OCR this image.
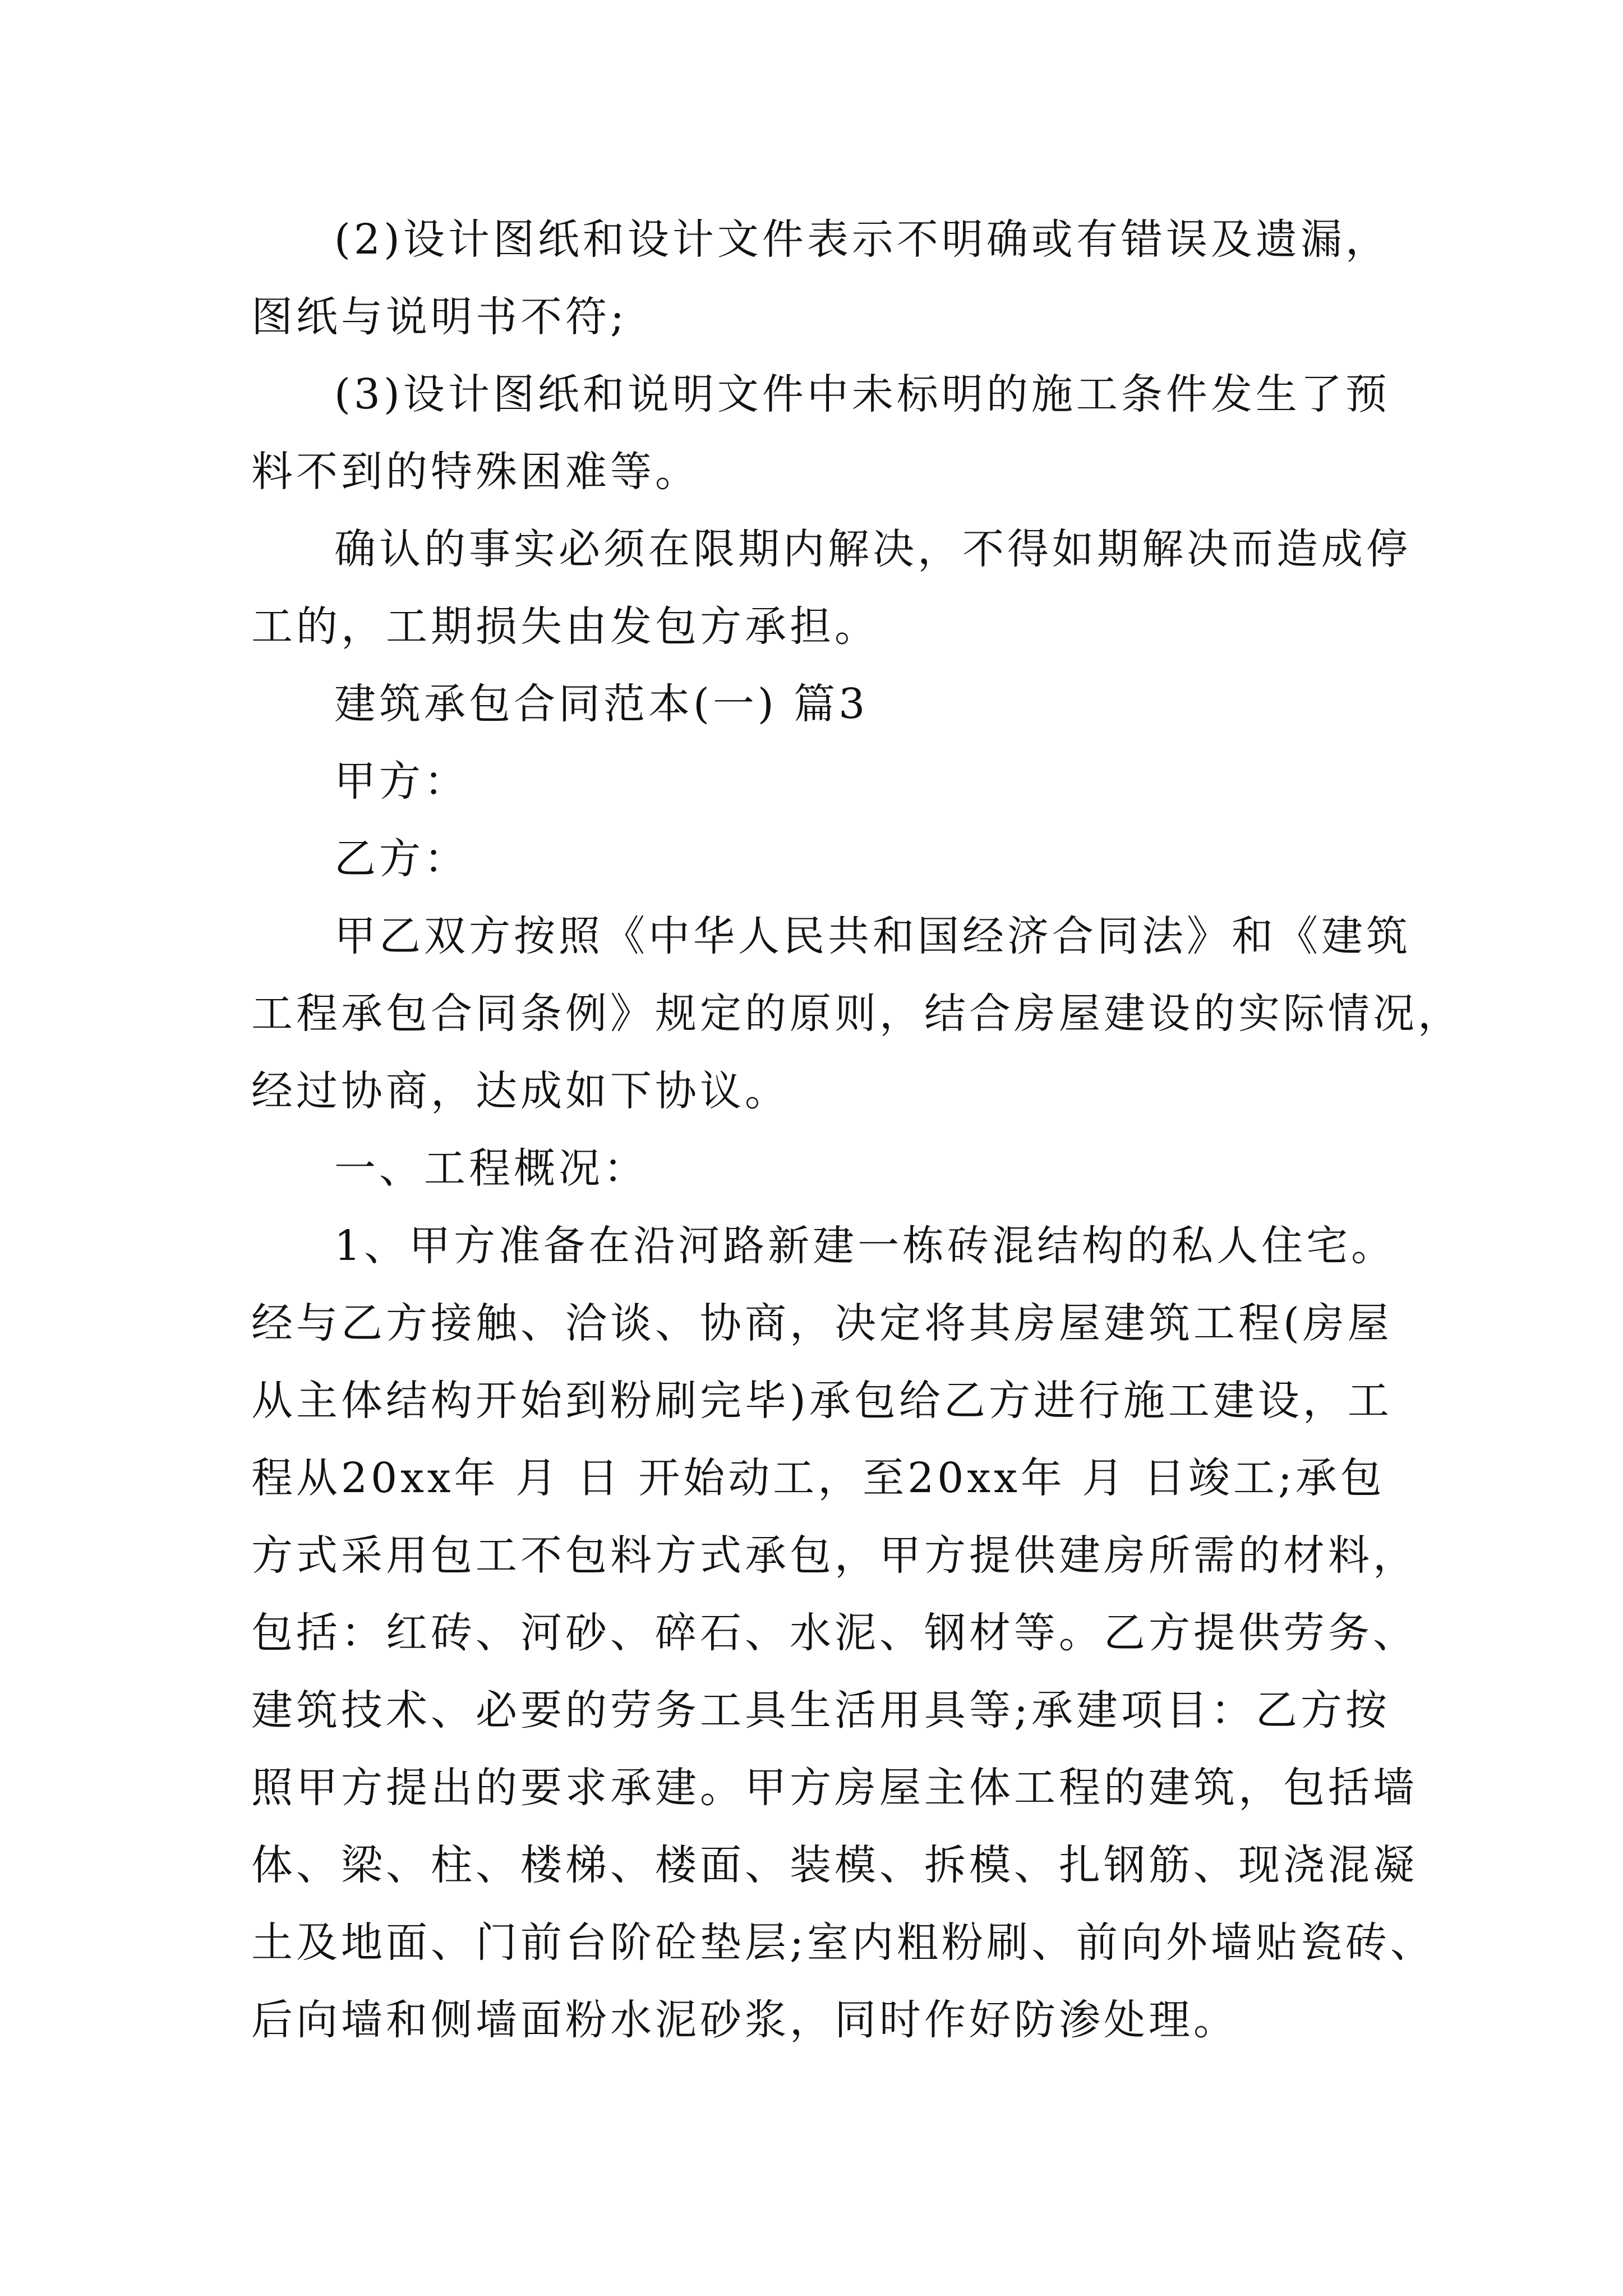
(2)设计图纸和设计文件表示不明确或有错误及遗漏，
图纸与说明书不符;
(3)设计图纸和说明文件中未标明的施工条件发生了预
料不到的特殊困难等。
确认的事实必须在限期内解决，不得如期解决而造成停
工的，工期损失由发包方承担。
建筑承包合同范本(一) 篇3
甲方：
乙方：
甲乙双方按照《中华人民共和国经济合同法》和《建筑
工程承包合同条例》规定的原则，结合房屋建设的实际情况，
经过协商，达成如下协议。
一、工程概况：
1、甲方准备在沿河路新建一栋砖混结构的私人住宅。
经与乙方接触、洽谈、协商，决定将其房屋建筑工程(房屋
从主体结构开始到粉刷完毕)承包给乙方进行施工建设，工
程从20xx年 月 日 开始动工，至20xx年 月 日竣工;承包
方式采用包工不包料方式承包，甲方提供建房所需的材料，
包括：红砖、河砂、碎石、水泥、钢材等。乙方提供劳务、
建筑技术、必要的劳务工具生活用具等;承建项目：乙方按
照甲方提出的要求承建。甲方房屋主体工程的建筑，包括墙
体、梁、柱、楼梯、楼面、装模、拆模、扎钢筋、现浇混凝
土及地面、门前台阶砼垫层;室内粗粉刷、前向外墙贴瓷砖、
后向墙和侧墙面粉水泥砂浆，同时作好防渗处理。
